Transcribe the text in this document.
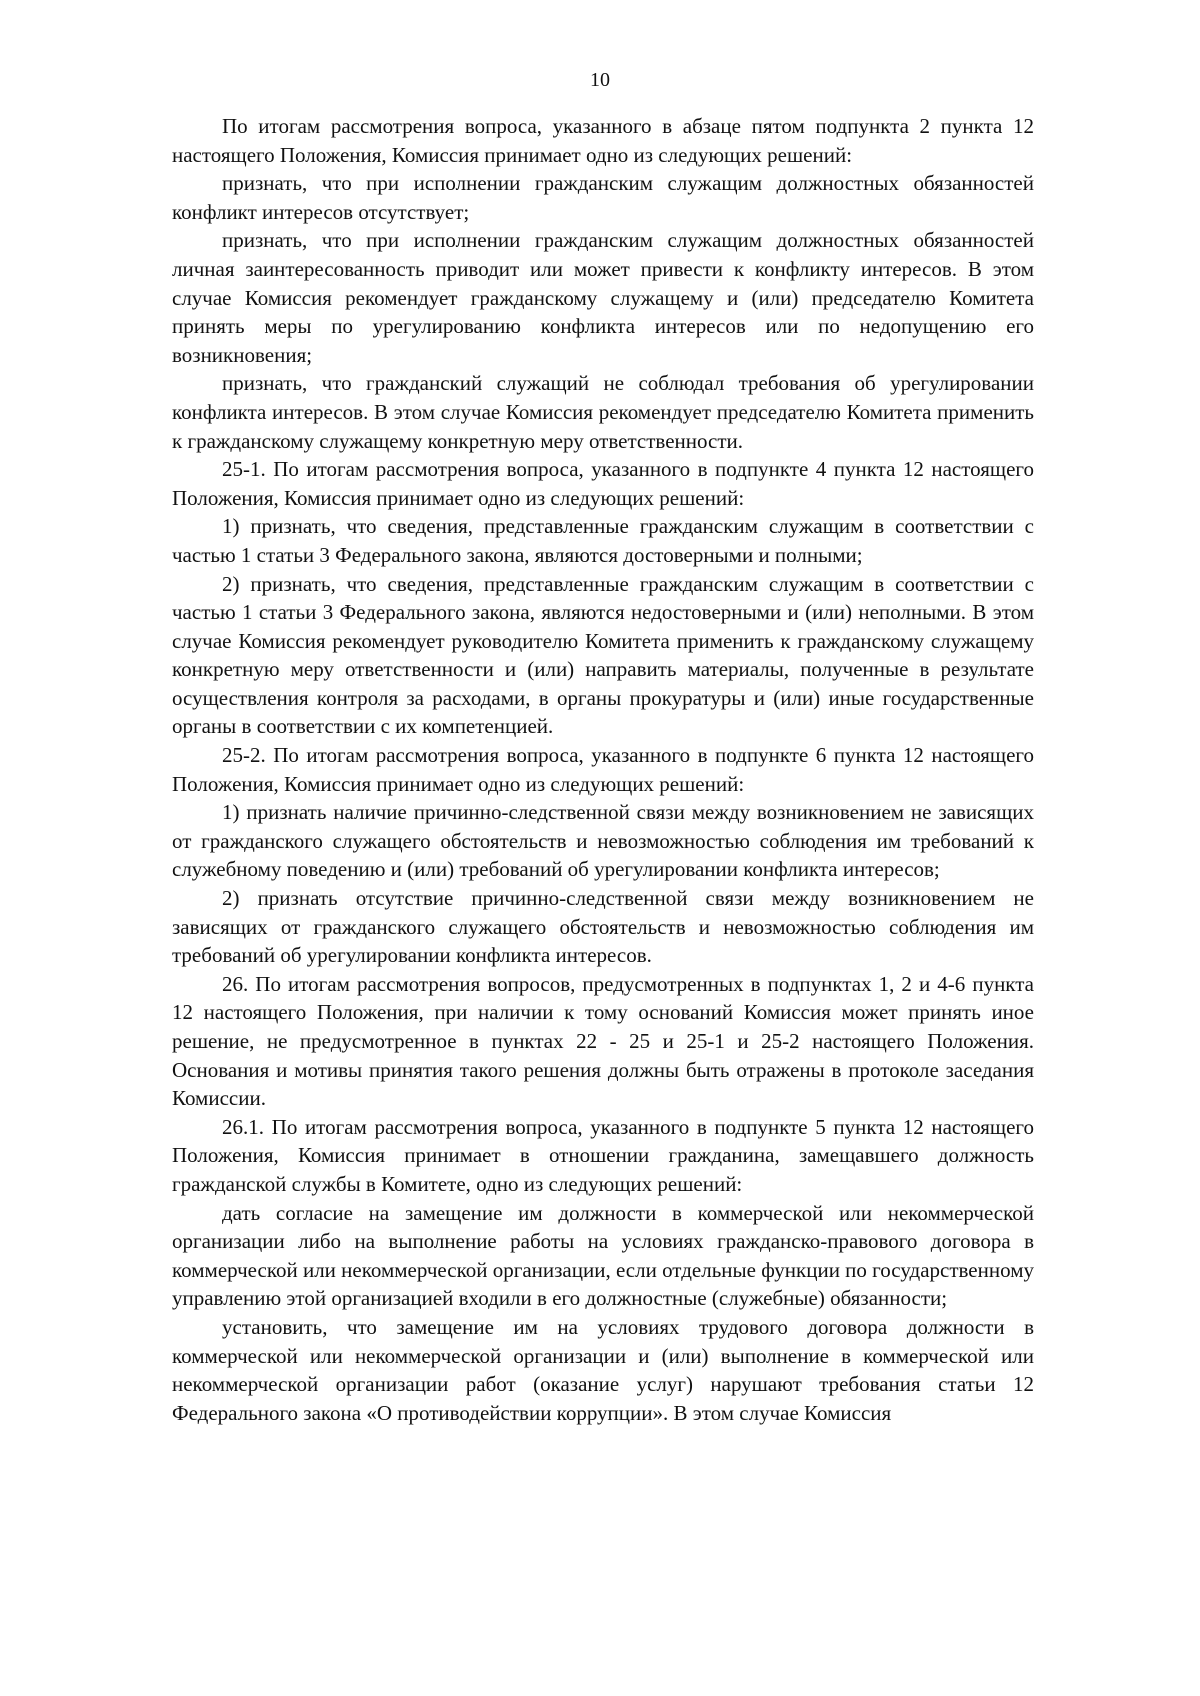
10

По итогам рассмотрения вопроса, указанного в абзаце пятом подпункта 2 пункта 12 настоящего Положения, Комиссия принимает одно из следующих решений:

признать, что при исполнении гражданским служащим должностных обязанностей конфликт интересов отсутствует;

признать, что при исполнении гражданским служащим должностных обязанностей личная заинтересованность приводит или может привести к конфликту интересов. В этом случае Комиссия рекомендует гражданскому служащему и (или) председателю Комитета принять меры по урегулированию конфликта интересов или по недопущению его возникновения;

признать, что гражданский служащий не соблюдал требования об урегулировании конфликта интересов. В этом случае Комиссия рекомендует председателю Комитета применить к гражданскому служащему конкретную меру ответственности.

25-1. По итогам рассмотрения вопроса, указанного в подпункте 4 пункта 12 настоящего Положения, Комиссия принимает одно из следующих решений:

1) признать, что сведения, представленные гражданским служащим в соответствии с частью 1 статьи 3 Федерального закона, являются достоверными и полными;

2) признать, что сведения, представленные гражданским служащим в соответствии с частью 1 статьи 3 Федерального закона, являются недостоверными и (или) неполными. В этом случае Комиссия рекомендует руководителю Комитета применить к гражданскому служащему конкретную меру ответственности и (или) направить материалы, полученные в результате осуществления контроля за расходами, в органы прокуратуры и (или) иные государственные органы в соответствии с их компетенцией.

25-2. По итогам рассмотрения вопроса, указанного в подпункте 6 пункта 12 настоящего Положения, Комиссия принимает одно из следующих решений:

1) признать наличие причинно-следственной связи между возникновением не зависящих от гражданского служащего обстоятельств и невозможностью соблюдения им требований к служебному поведению и (или) требований об урегулировании конфликта интересов;

2) признать отсутствие причинно-следственной связи между возникновением не зависящих от гражданского служащего обстоятельств и невозможностью соблюдения им требований об урегулировании конфликта интересов.

26. По итогам рассмотрения вопросов, предусмотренных в подпунктах 1, 2 и 4-6 пункта 12 настоящего Положения, при наличии к тому оснований Комиссия может принять иное решение, не предусмотренное в пунктах 22 - 25 и 25-1 и 25-2 настоящего Положения. Основания и мотивы принятия такого решения должны быть отражены в протоколе заседания Комиссии.

26.1. По итогам рассмотрения вопроса, указанного в подпункте 5 пункта 12 настоящего Положения, Комиссия принимает в отношении гражданина, замещавшего должность гражданской службы в Комитете, одно из следующих решений:

дать согласие на замещение им должности в коммерческой или некоммерческой организации либо на выполнение работы на условиях гражданско-правового договора в коммерческой или некоммерческой организации, если отдельные функции по государственному управлению этой организацией входили в его должностные (служебные) обязанности;

установить, что замещение им на условиях трудового договора должности в коммерческой или некоммерческой организации и (или) выполнение в коммерческой или некоммерческой организации работ (оказание услуг) нарушают требования статьи 12 Федерального закона «О противодействии коррупции». В этом случае Комиссия
